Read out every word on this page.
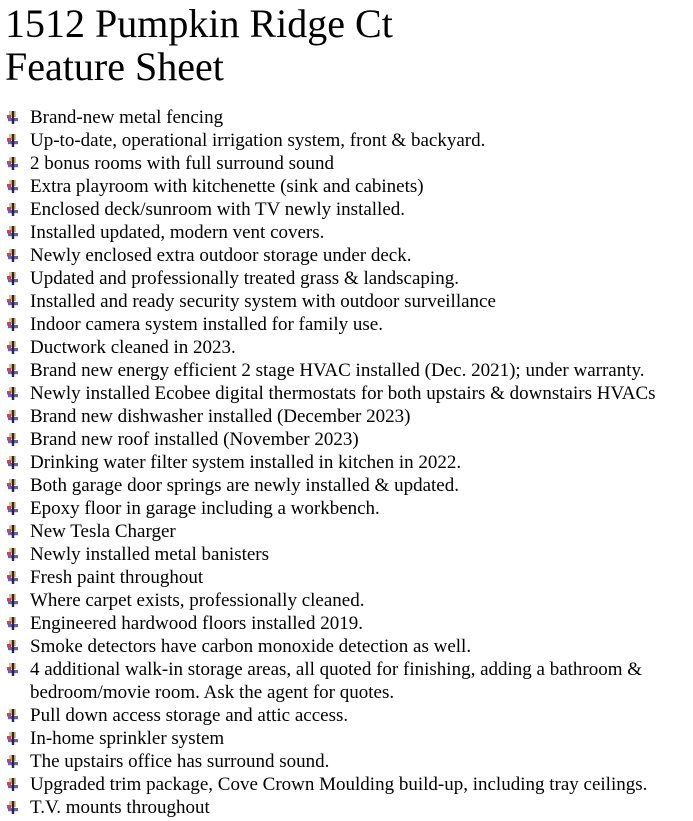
1512 Pumpkin Ridge Ct
Feature Sheet
Brand-new metal fencing
Up-to-date, operational irrigation system, front & backyard.
2 bonus rooms with full surround sound
Extra playroom with kitchenette (sink and cabinets)
Enclosed deck/sunroom with TV newly installed.
Installed updated, modern vent covers.
Newly enclosed extra outdoor storage under deck.
Updated and professionally treated grass & landscaping.
Installed and ready security system with outdoor surveillance
Indoor camera system installed for family use.
Ductwork cleaned in 2023.
Brand new energy efficient 2 stage HVAC installed (Dec. 2021); under warranty.
Newly installed Ecobee digital thermostats for both upstairs & downstairs HVACs
Brand new dishwasher installed (December 2023)
Brand new roof installed (November 2023)
Drinking water filter system installed in kitchen in 2022.
Both garage door springs are newly installed & updated.
Epoxy floor in garage including a workbench.
New Tesla Charger
Newly installed metal banisters
Fresh paint throughout
Where carpet exists, professionally cleaned.
Engineered hardwood floors installed 2019.
Smoke detectors have carbon monoxide detection as well.
4 additional walk-in storage areas, all quoted for finishing, adding a bathroom & bedroom/movie room. Ask the agent for quotes.
Pull down access storage and attic access.
In-home sprinkler system
The upstairs office has surround sound.
Upgraded trim package, Cove Crown Moulding build-up, including tray ceilings.
T.V. mounts throughout
